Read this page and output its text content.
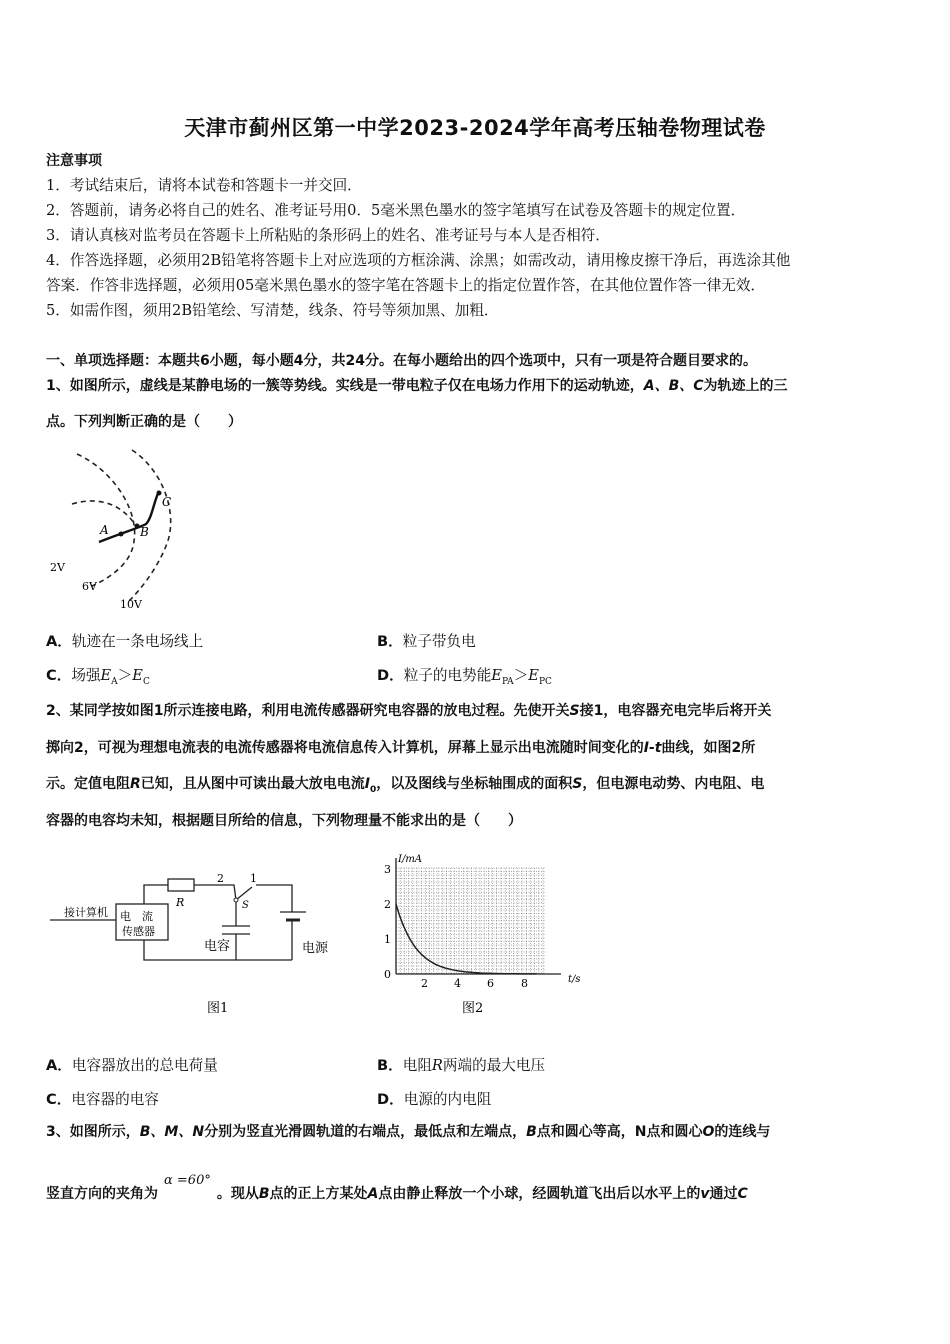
天津市蓟州区第一中学2023-2024学年高考压轴卷物理试卷
注意事项
1．考试结束后，请将本试卷和答题卡一并交回．
2．答题前，请务必将自己的姓名、准考证号用0．5毫米黑色墨水的签字笔填写在试卷及答题卡的规定位置．
3．请认真核对监考员在答题卡上所粘贴的条形码上的姓名、准考证号与本人是否相符．
4．作答选择题，必须用2B铅笔将答题卡上对应选项的方框涂满、涂黑；如需改动，请用橡皮擦干净后，再选涂其他
答案．作答非选择题，必须用05毫米黑色墨水的签字笔在答题卡上的指定位置作答，在其他位置作答一律无效．
5．如需作图，须用2B铅笔绘、写清楚，线条、符号等须加黑、加粗．
一、单项选择题：本题共6小题，每小题4分，共24分。在每小题给出的四个选项中，只有一项是符合题目要求的。
1、如图所示，虚线是某静电场的一簇等势线。实线是一带电粒子仅在电场力作用下的运动轨迹，A、B、C为轨迹上的三
点。下列判断正确的是（　　）
A	B
C
2V
6V
10V
A．轨迹在一条电场线上	B．粒子带负电
C．场强$E_A>E_C$	D．粒子的电势能$E_{PA}>E_{PC}$
2、某同学按如图1所示连接电路，利用电流传感器研究电容器的放电过程。先使开关S接1，电容器充电完毕后将开关
掷向2，可视为理想电流表的电流传感器将电流信息传入计算机，屏幕上显示出电流随时间变化的I-t曲线，如图2所
示。定值电阻R已知，且从图中可读出最大放电电流$I_0$，以及图线与坐标轴围成的面积S，但电源电动势、内电阻、电
容器的电容均未知，根据题目所给的信息，下列物理量不能求出的是（　　）
接计算机 电　流
传感器
R
2 1
S
电容	电源
图1
I/mA
t/s
0
1
2
3
2 4 6 8
图2
A．电容器放出的总电荷量	B．电阻R两端的最大电压
C．电容器的电容	D．电源的内电阻
3、如图所示，B、M、N分别为竖直光滑圆轨道的右端点，最低点和左端点，B点和圆心等高，N点和圆心O的连线与
竖直方向的夹角为α =60°。现从B点的正上方某处A点由静止释放一个小球，经圆轨道飞出后以水平上的v通过C
